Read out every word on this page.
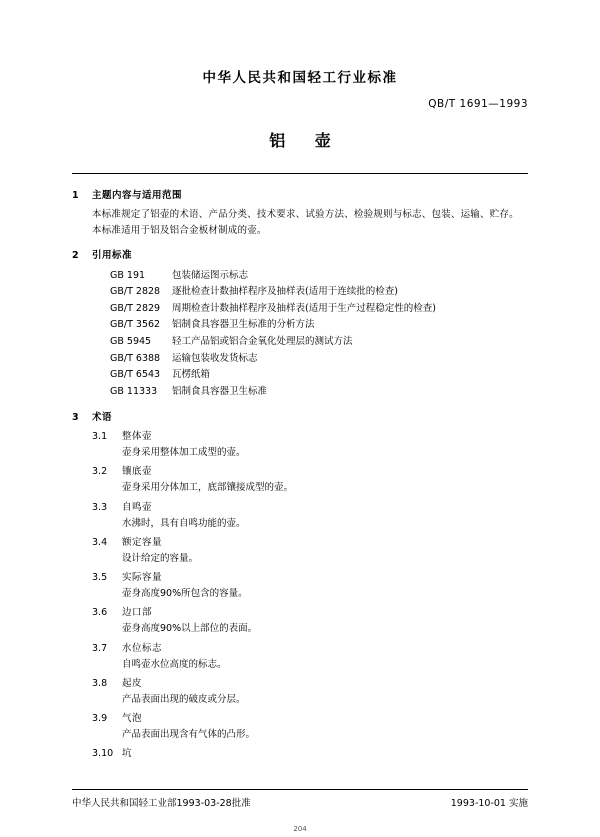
中华人民共和国轻工行业标准
QB/T 1691—1993
铝 壶
1	主题内容与适用范围
本标准规定了铝壶的术语、产品分类、技术要求、试验方法、检验规则与标志、包装、运输、贮存。
本标准适用于铝及铝合金板材制成的壶。
2	引用标准
GB 191	包装储运图示标志
GB/T 2828	逐批检查计数抽样程序及抽样表(适用于连续批的检查)
GB/T 2829	周期检查计数抽样程序及抽样表(适用于生产过程稳定性的检查)
GB/T 3562	铝制食具容器卫生标准的分析方法
GB 5945	轻工产品铝或铝合金氧化处理层的测试方法
GB/T 6388	运输包装收发货标志
GB/T 6543	瓦楞纸箱
GB 11333	铝制食具容器卫生标准
3	术语
3.1	整体壶
壶身采用整体加工成型的壶。
3.2	镶底壶
壶身采用分体加工，底部镶接成型的壶。
3.3	自鸣壶
水沸时，具有自鸣功能的壶。
3.4	额定容量
设计给定的容量。
3.5	实际容量
壶身高度90%所包含的容量。
3.6	边口部
壶身高度90%以上部位的表面。
3.7	水位标志
自鸣壶水位高度的标志。
3.8	起皮
产品表面出现的破皮或分层。
3.9	气泡
产品表面出现含有气体的凸形。
3.10 坑
中华人民共和国轻工业部1993-03-28批准	1993-10-01 实施
204
